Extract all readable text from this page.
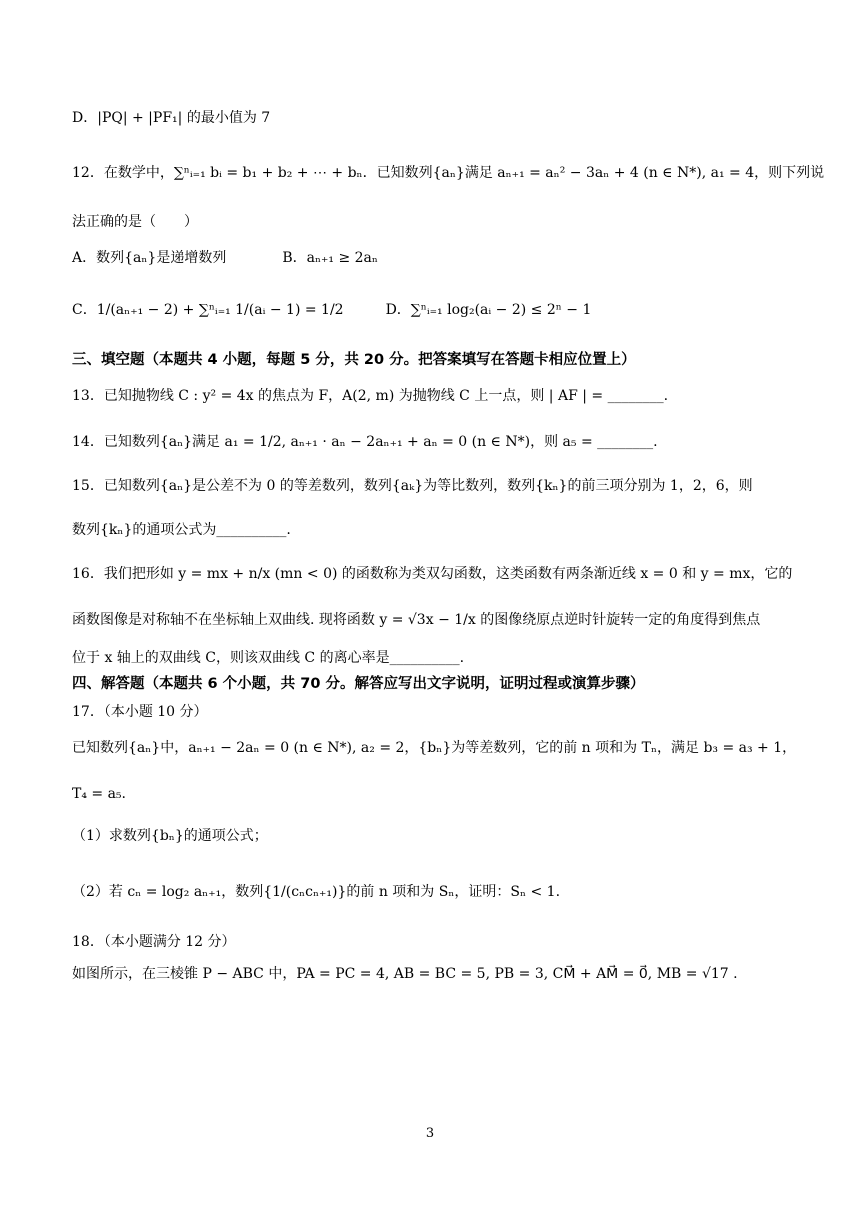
D．|PQ| + |PF₁| 的最小值为 7
12．在数学中，∑ⁿᵢ₌₁ bᵢ = b₁ + b₂ + ⋯ + bₙ．已知数列{aₙ}满足 aₙ₊₁ = aₙ² − 3aₙ + 4 (n ∈ N*), a₁ = 4，则下列说
法正确的是（　　）
A．数列{aₙ}是递增数列　　　　B．aₙ₊₁ ≥ 2aₙ
C．1/(aₙ₊₁ − 2) + ∑ⁿᵢ₌₁ 1/(aᵢ − 1) = 1/2　　　D．∑ⁿᵢ₌₁ log₂(aᵢ − 2) ≤ 2ⁿ − 1
三、填空题（本题共 4 小题，每题 5 分，共 20 分。把答案填写在答题卡相应位置上）
13．已知抛物线 C : y² = 4x 的焦点为 F，A(2, m) 为抛物线 C 上一点，则 | AF | = ________.
14．已知数列{aₙ}满足 a₁ = 1/2, aₙ₊₁ · aₙ − 2aₙ₊₁ + aₙ = 0 (n ∈ N*)，则 a₅ = ________.
15．已知数列{aₙ}是公差不为 0 的等差数列，数列{aₖ}为等比数列，数列{kₙ}的前三项分别为 1，2，6，则
数列{kₙ}的通项公式为__________.
16．我们把形如 y = mx + n/x (mn < 0) 的函数称为类双勾函数，这类函数有两条渐近线 x = 0 和 y = mx，它的
函数图像是对称轴不在坐标轴上双曲线. 现将函数 y = √3x − 1/x 的图像绕原点逆时针旋转一定的角度得到焦点
位于 x 轴上的双曲线 C，则该双曲线 C 的离心率是__________.
四、解答题（本题共 6 个小题，共 70 分。解答应写出文字说明，证明过程或演算步骤）
17．（本小题 10 分）
已知数列{aₙ}中，aₙ₊₁ − 2aₙ = 0 (n ∈ N*), a₂ = 2，{bₙ}为等差数列，它的前 n 项和为 Tₙ，满足 b₃ = a₃ + 1，
T₄ = a₅.
（1）求数列{bₙ}的通项公式；
（2）若 cₙ = log₂ aₙ₊₁，数列{1/(cₙcₙ₊₁)}的前 n 项和为 Sₙ，证明：Sₙ < 1.
18．（本小题满分 12 分）
如图所示，在三棱锥 P − ABC 中，PA = PC = 4, AB = BC = 5, PB = 3, CM⃗ + AM⃗ = 0⃗, MB = √17 .
3
